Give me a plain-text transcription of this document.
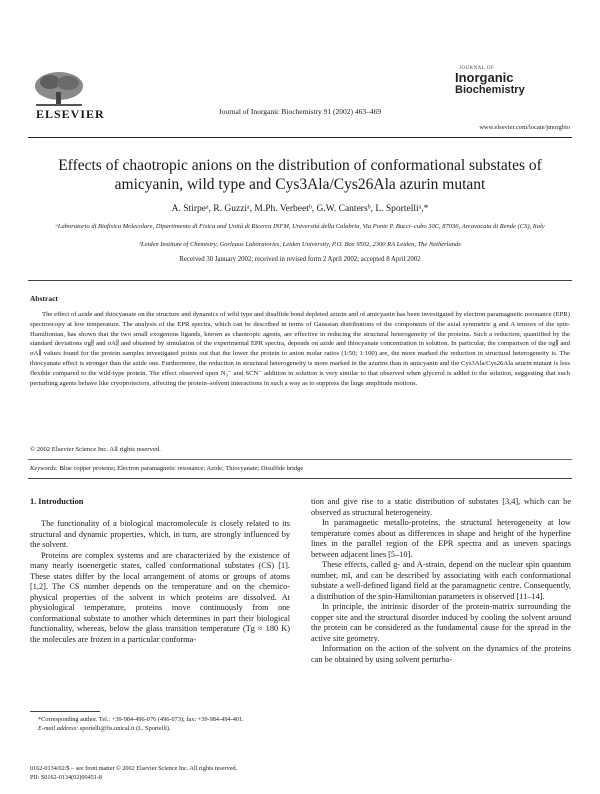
ELSEVIER	Journal of Inorganic Biochemistry 91 (2002) 463–469
JOURNAL OF
Inorganic
Biochemistry
www.elsevier.com/locate/jinorgbio
Effects of chaotropic anions on the distribution of conformational substates of amicyanin, wild type and Cys3Ala/Cys26Ala azurin mutant
A. Stirpeᵃ, R. Guzziᵃ, M.Ph. Verbeetᵇ, G.W. Cantersᵇ, L. Sportelliᵃ,*
ᵃLaboratorio di Biofisica Molecolare, Dipartimento di Fisica and Unità di Ricerca INFM, Università della Calabria, Via Ponte P. Bucci–cubo 30C, 87036, Arcavacata di Rende (CS), Italy
ᵇLeiden Institute of Chemistry, Gorleaus Laboratories, Leiden University, P.O. Box 9502, 2300 RA Leiden, The Netherlands
Received 30 January 2002; received in revised form 2 April 2002; accepted 8 April 2002
Abstract
The effect of azide and thiocyanate on the structure and dynamics of wild type and disulfide bond depleted azurin and of amicyanin has been investigated by electron paramagnetic resonance (EPR) spectroscopy at low temperature. The analysis of the EPR spectra, which can be described in terms of Gaussian distributions of the components of the axial symmetric g and A tensors of the spin-Hamiltonian, has shown that the two small exogenous ligands, known as chaotropic agents, are effective in reducing the structural heterogeneity of the proteins. Such a reduction, quantified by the standard deviations σg∥ and σA∥ and obtained by simulation of the experimental EPR spectra, depends on azide and thiocyanate concentration in solution. In particular, the comparison of the σg∥ and σA∥ values found for the protein samples investigated points out that the lower the protein to anion molar ratios (1:50; 1:100) are, the more marked the reduction in structural heterogeneity is. The thiocyanate effect is stronger than the azide one. Furthermore, the reduction in structural heterogeneity is more marked in the azurins than in amicyanin and the Cys3Ala/Cys26Ala azurin mutant is less flexible compared to the wild-type protein. The effect observed upon N₃⁻ and SCN⁻ addition in solution is very similar to that observed when glycerol is added to the solution, suggesting that such perturbing agents behave like cryoprotectors, affecting the protein–solvent interactions in such a way as to suppress the large amplitude motions.
© 2002 Elsevier Science Inc. All rights reserved.
Keywords: Blue copper proteins; Electron paramagnetic resonance; Azide; Thiocyanate; Disulfide bridge
1. Introduction

The functionality of a biological macromolecule is closely related to its structural and dynamic properties, which, in turn, are strongly influenced by the solvent.

Proteins are complex systems and are characterized by the existence of many nearly isoenergetic states, called conformational substates (CS) [1]. These states differ by the local arrangement of atoms or groups of atoms [1,2]. The CS number depends on the temperature and on the chemico-physical properties of the solvent in which proteins are dissolved. At physiological temperature, proteins move continuously from one conformational substate to another which determines in part their biological functionality, whereas, below the glass transition temperature (Tg ≈ 180 K) the molecules are frozen in a particular conforma-

tion and give rise to a static distribution of substates [3,4], which can be observed as structural heterogeneity.

In paramagnetic metallo-proteins, the structural heterogeneity at low temperature comes about as differences in shape and height of the hyperfine lines in the parallel region of the EPR spectra and as uneven spacings between adjacent lines [5–10].

These effects, called g- and A-strain, depend on the nuclear spin quantum number, mI, and can be described by associating with each conformational substate a well-defined ligand field at the paramagnetic centre. Consequently, a distribution of the spin-Hamiltonian parameters is observed [11–14].

In principle, the intrinsic disorder of the protein-matrix surrounding the copper site and the structural disorder induced by cooling the solvent around the protein can be considered as the fundamental cause for the spread in the active site geometry.

Information on the action of the solvent on the dynamics of the proteins can be obtained by using solvent perturba-

*Corresponding author. Tel.: +39-984-496-076 (496-073); fax: +39-984-494-401.
E-mail address: sportelli@fis.unical.it (L. Sportelli).
0162-0134/02/$ – see front matter © 2002 Elsevier Science Inc. All rights reserved.
PII: S0162-0134(02)00451-8
